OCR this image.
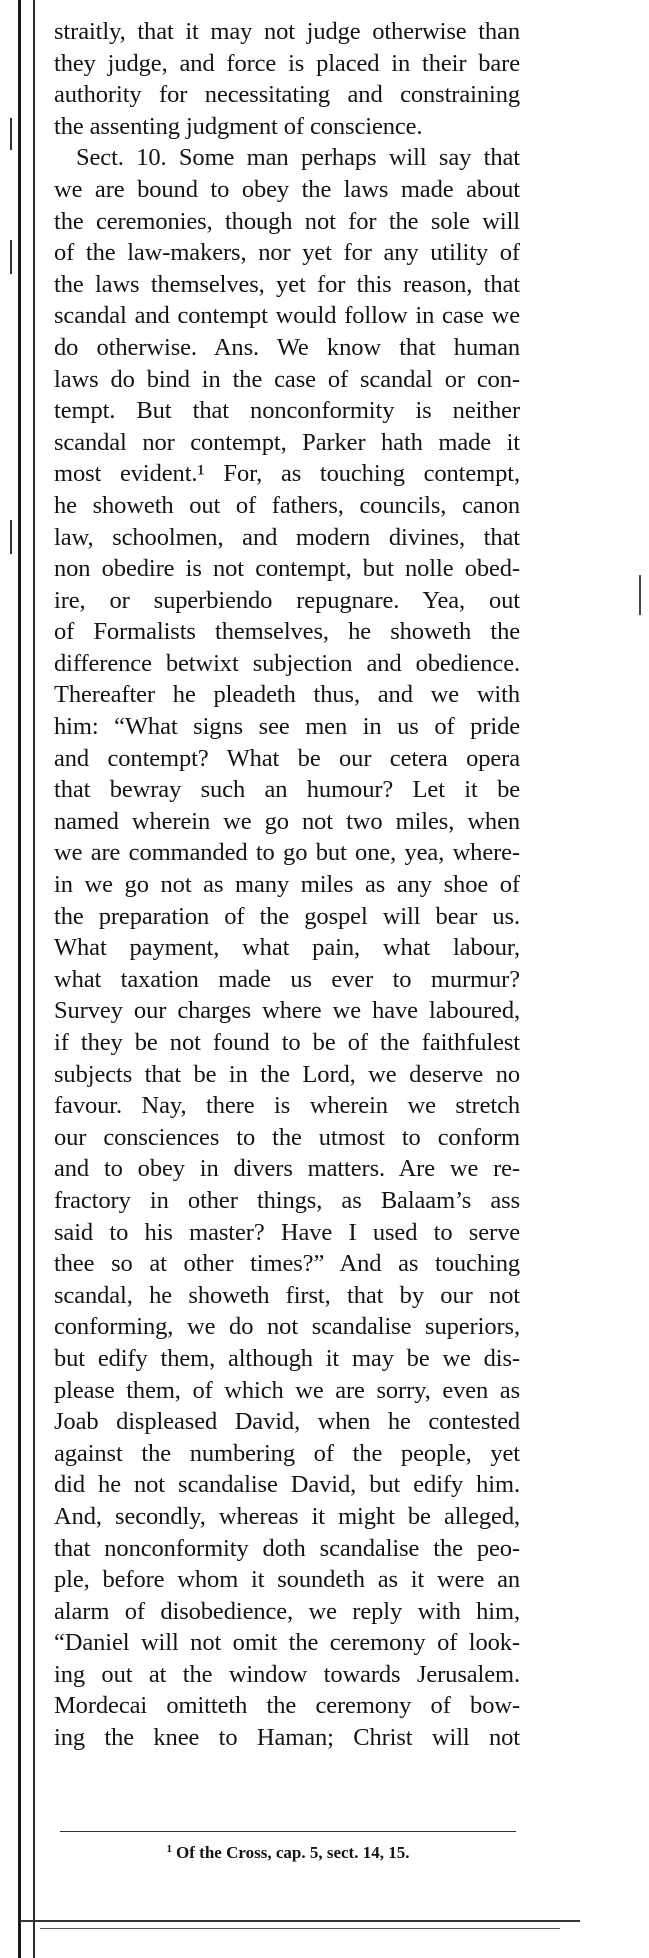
straitly, that it may not judge otherwise than
they judge, and force is placed in their bare
authority for necessitating and constraining
the assenting judgment of conscience.
Sect. 10. Some man perhaps will say that
we are bound to obey the laws made about
the ceremonies, though not for the sole will
of the law-makers, nor yet for any utility of
the laws themselves, yet for this reason, that
scandal and contempt would follow in case we
do otherwise. Ans. We know that human
laws do bind in the case of scandal or con-
tempt. But that nonconformity is neither
scandal nor contempt, Parker hath made it
most evident.¹ For, as touching contempt,
he showeth out of fathers, councils, canon
law, schoolmen, and modern divines, that
non obedire is not contempt, but nolle obed-
ire, or superbiendo repugnare. Yea, out
of Formalists themselves, he showeth the
difference betwixt subjection and obedience.
Thereafter he pleadeth thus, and we with
him: “What signs see men in us of pride
and contempt? What be our cetera opera
that bewray such an humour? Let it be
named wherein we go not two miles, when
we are commanded to go but one, yea, where-
in we go not as many miles as any shoe of
the preparation of the gospel will bear us.
What payment, what pain, what labour,
what taxation made us ever to murmur?
Survey our charges where we have laboured,
if they be not found to be of the faithfulest
subjects that be in the Lord, we deserve no
favour. Nay, there is wherein we stretch
our consciences to the utmost to conform
and to obey in divers matters. Are we re-
fractory in other things, as Balaam’s ass
said to his master? Have I used to serve
thee so at other times?” And as touching
scandal, he showeth first, that by our not
conforming, we do not scandalise superiors,
but edify them, although it may be we dis-
please them, of which we are sorry, even as
Joab displeased David, when he contested
against the numbering of the people, yet
did he not scandalise David, but edify him.
And, secondly, whereas it might be alleged,
that nonconformity doth scandalise the peo-
ple, before whom it soundeth as it were an
alarm of disobedience, we reply with him,
“Daniel will not omit the ceremony of look-
ing out at the window towards Jerusalem.
Mordecai omitteth the ceremony of bow-
ing the knee to Haman; Christ will not
$^1$ Of the Cross, cap. 5, sect. 14, 15.
